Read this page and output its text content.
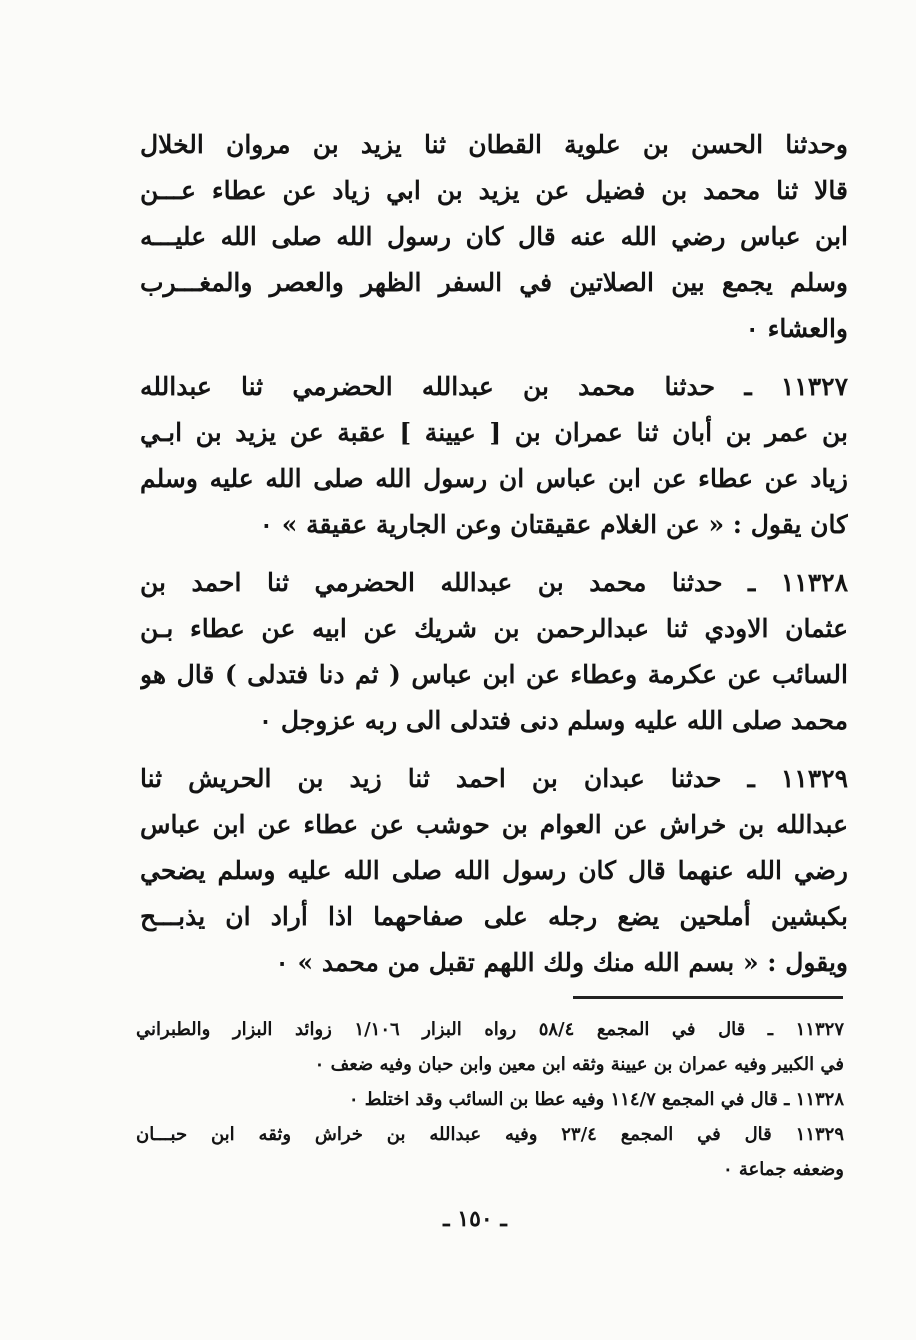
وحدثنا الحسن بن علوية القطان ثنا يزيد بن مروان الخلال
قالا ثنا محمد بن فضيل عن يزيد بن ابي زياد عن عطاء عـــن
ابن عباس رضي الله عنه قال كان رسول الله صلى الله عليـــه
وسلم يجمع بين الصلاتين في السفر الظهر والعصر والمغـــرب
والعشاء ٠
١١٣٢٧ ـ حدثنا محمد بن عبدالله الحضرمي ثنا عبدالله
بن عمر بن أبان ثنا عمران بن [ عيينة ] عقبة عن يزيد بن ابـي
زياد عن عطاء عن ابن عباس ان رسول الله صلى الله عليه وسلم
كان يقول : « عن الغلام عقيقتان وعن الجارية عقيقة » ٠
١١٣٢٨ ـ حدثنا محمد بن عبدالله الحضرمي ثنا احمد بن
عثمان الاودي ثنا عبدالرحمن بن شريك عن ابيه عن عطاء بـن
السائب عن عكرمة وعطاء عن ابن عباس ( ثم دنا فتدلى ) قال هو
محمد صلى الله عليه وسلم دنى فتدلى الى ربه عزوجل ٠
١١٣٢٩ ـ حدثنا عبدان بن احمد ثنا زيد بن الحريش ثنا
عبدالله بن خراش عن العوام بن حوشب عن عطاء عن ابن عباس
رضي الله عنهما قال كان رسول الله صلى الله عليه وسلم يضحي
بكبشين أملحين يضع رجله على صفاحهما اذا أراد ان يذبـــح
ويقول : « بسم الله منك ولك اللهم تقبل من محمد » ٠
١١٣٢٧ ـ قال في المجمع ٥٨/٤ رواه البزار ١/١٠٦ زوائد البزار والطبراني
في الكبير وفيه عمران بن عيينة وثقه ابن معين وابن حبان وفيه ضعف ٠
١١٣٢٨ ـ قال في المجمع ١١٤/٧ وفيه عطا بن السائب وقد اختلط ٠
١١٣٢٩ قال في المجمع ٢٣/٤ وفيه عبدالله بن خراش وثقه ابن حبـــان
وضعفه جماعة ٠
ـ ١٥٠ ـ
